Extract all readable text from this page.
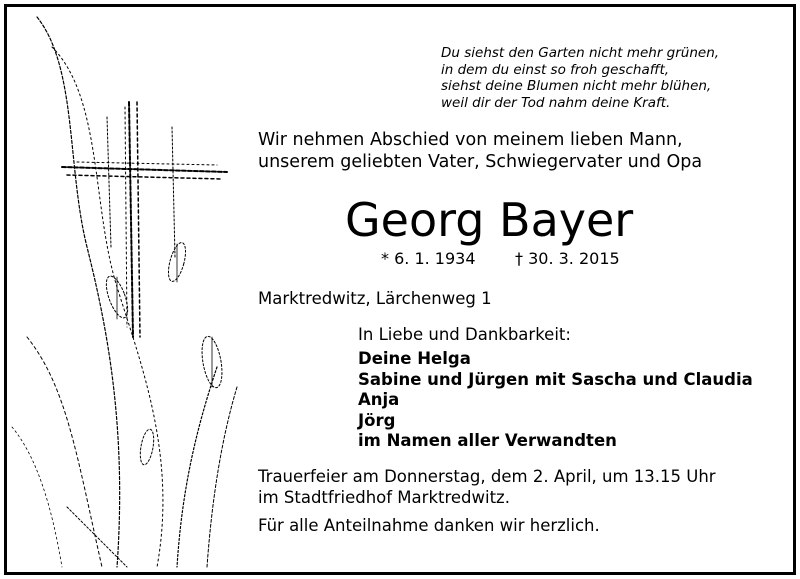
Du siehst den Garten nicht mehr grünen,
in dem du einst so froh geschafft,
siehst deine Blumen nicht mehr blühen,
weil dir der Tod nahm deine Kraft.
Wir nehmen Abschied von meinem lieben Mann,
unserem geliebten Vater, Schwiegervater und Opa
Georg Bayer
* 6. 1. 1934 † 30. 3. 2015
Marktredwitz, Lärchenweg 1
In Liebe und Dankbarkeit:
Deine Helga
Sabine und Jürgen mit Sascha und Claudia
Anja
Jörg
im Namen aller Verwandten
Trauerfeier am Donnerstag, dem 2. April, um 13.15 Uhr
im Stadtfriedhof Marktredwitz.
Für alle Anteilnahme danken wir herzlich.
